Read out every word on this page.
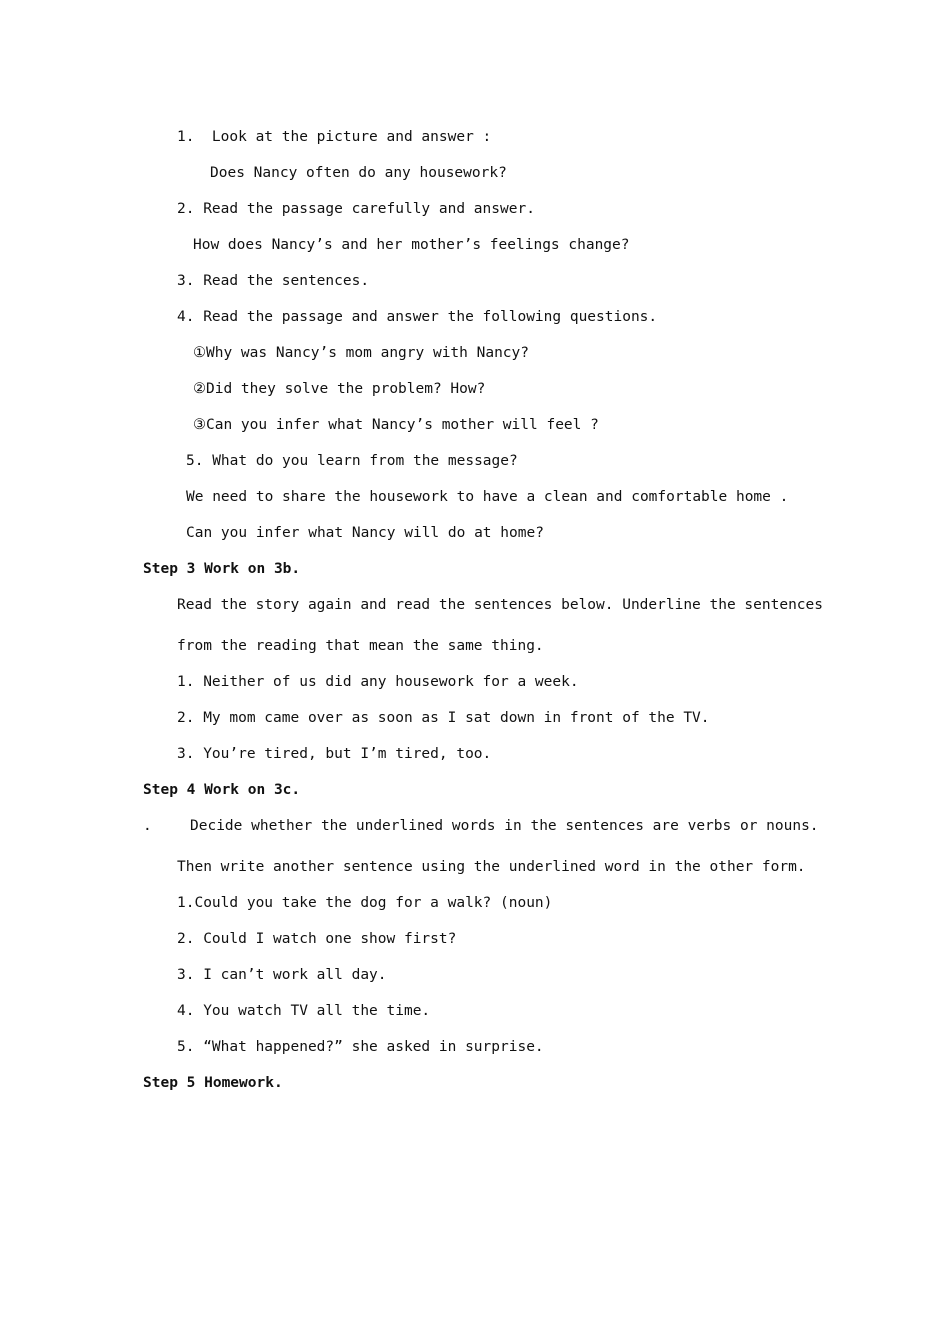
1.  Look at the picture and answer :
Does Nancy often do any housework?
2. Read the passage carefully and answer.
How does Nancy’s and her mother’s feelings change?
3. Read the sentences.
4. Read the passage and answer the following questions.
①Why was Nancy’s mom angry with Nancy?
②Did they solve the problem? How?
③Can you infer what Nancy’s mother will feel ?
5. What do you learn from the message?
We need to share the housework to have a clean and comfortable home .
Can you infer what Nancy will do at home?
Step 3 Work on 3b.
Read the story again and read the sentences below. Underline the sentences
from the reading that mean the same thing.
1. Neither of us did any housework for a week.
2. My mom came over as soon as I sat down in front of the TV.
3. You’re tired, but I’m tired, too.
Step 4 Work on 3c.
.	Decide whether the underlined words in the sentences are verbs or nouns.
Then write another sentence using the underlined word in the other form.
1.Could you take the dog for a walk? (noun)
2. Could I watch one show first?
3. I can’t work all day.
4. You watch TV all the time.
5. “What happened?” she asked in surprise.
Step 5 Homework.
